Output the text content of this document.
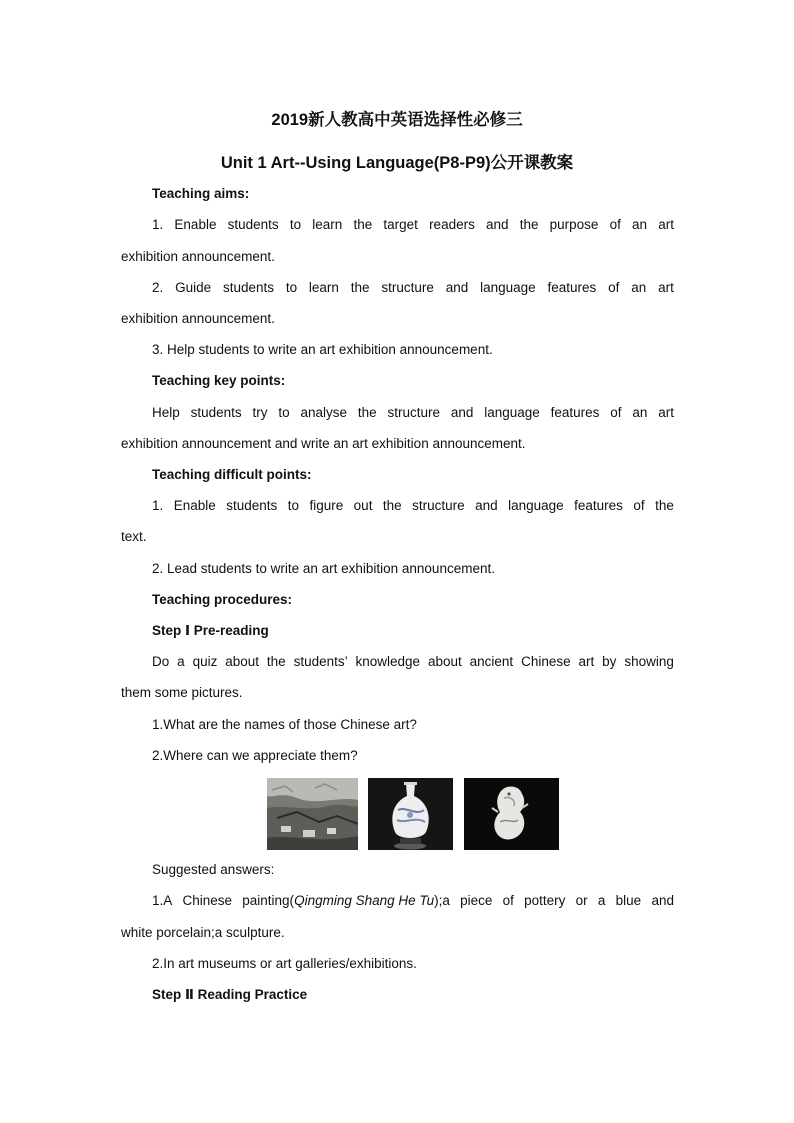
2019新人教高中英语选择性必修三
Unit 1 Art--Using Language(P8-P9)公开课教案
Teaching aims:
1. Enable students to learn the target readers and the purpose of an art
exhibition announcement.
2. Guide students to learn the structure and language features of an art
exhibition announcement.
3. Help students to write an art exhibition announcement.
Teaching key points:
Help students try to analyse the structure and language features of an art
exhibition announcement and write an art exhibition announcement.
Teaching difficult points:
1. Enable students to figure out the structure and language features of the
text.
2. Lead students to write an art exhibition announcement.
Teaching procedures:
Step Ⅰ Pre-reading
Do a quiz about the students’ knowledge about ancient Chinese art by showing
them some pictures.
1.What are the names of those Chinese art?
2.Where can we appreciate them?
Suggested answers:
1.A Chinese painting(Qingming Shang He Tu);a piece of pottery or a blue and
white porcelain;a sculpture.
2.In art museums or art galleries/exhibitions.
Step Ⅱ Reading Practice
